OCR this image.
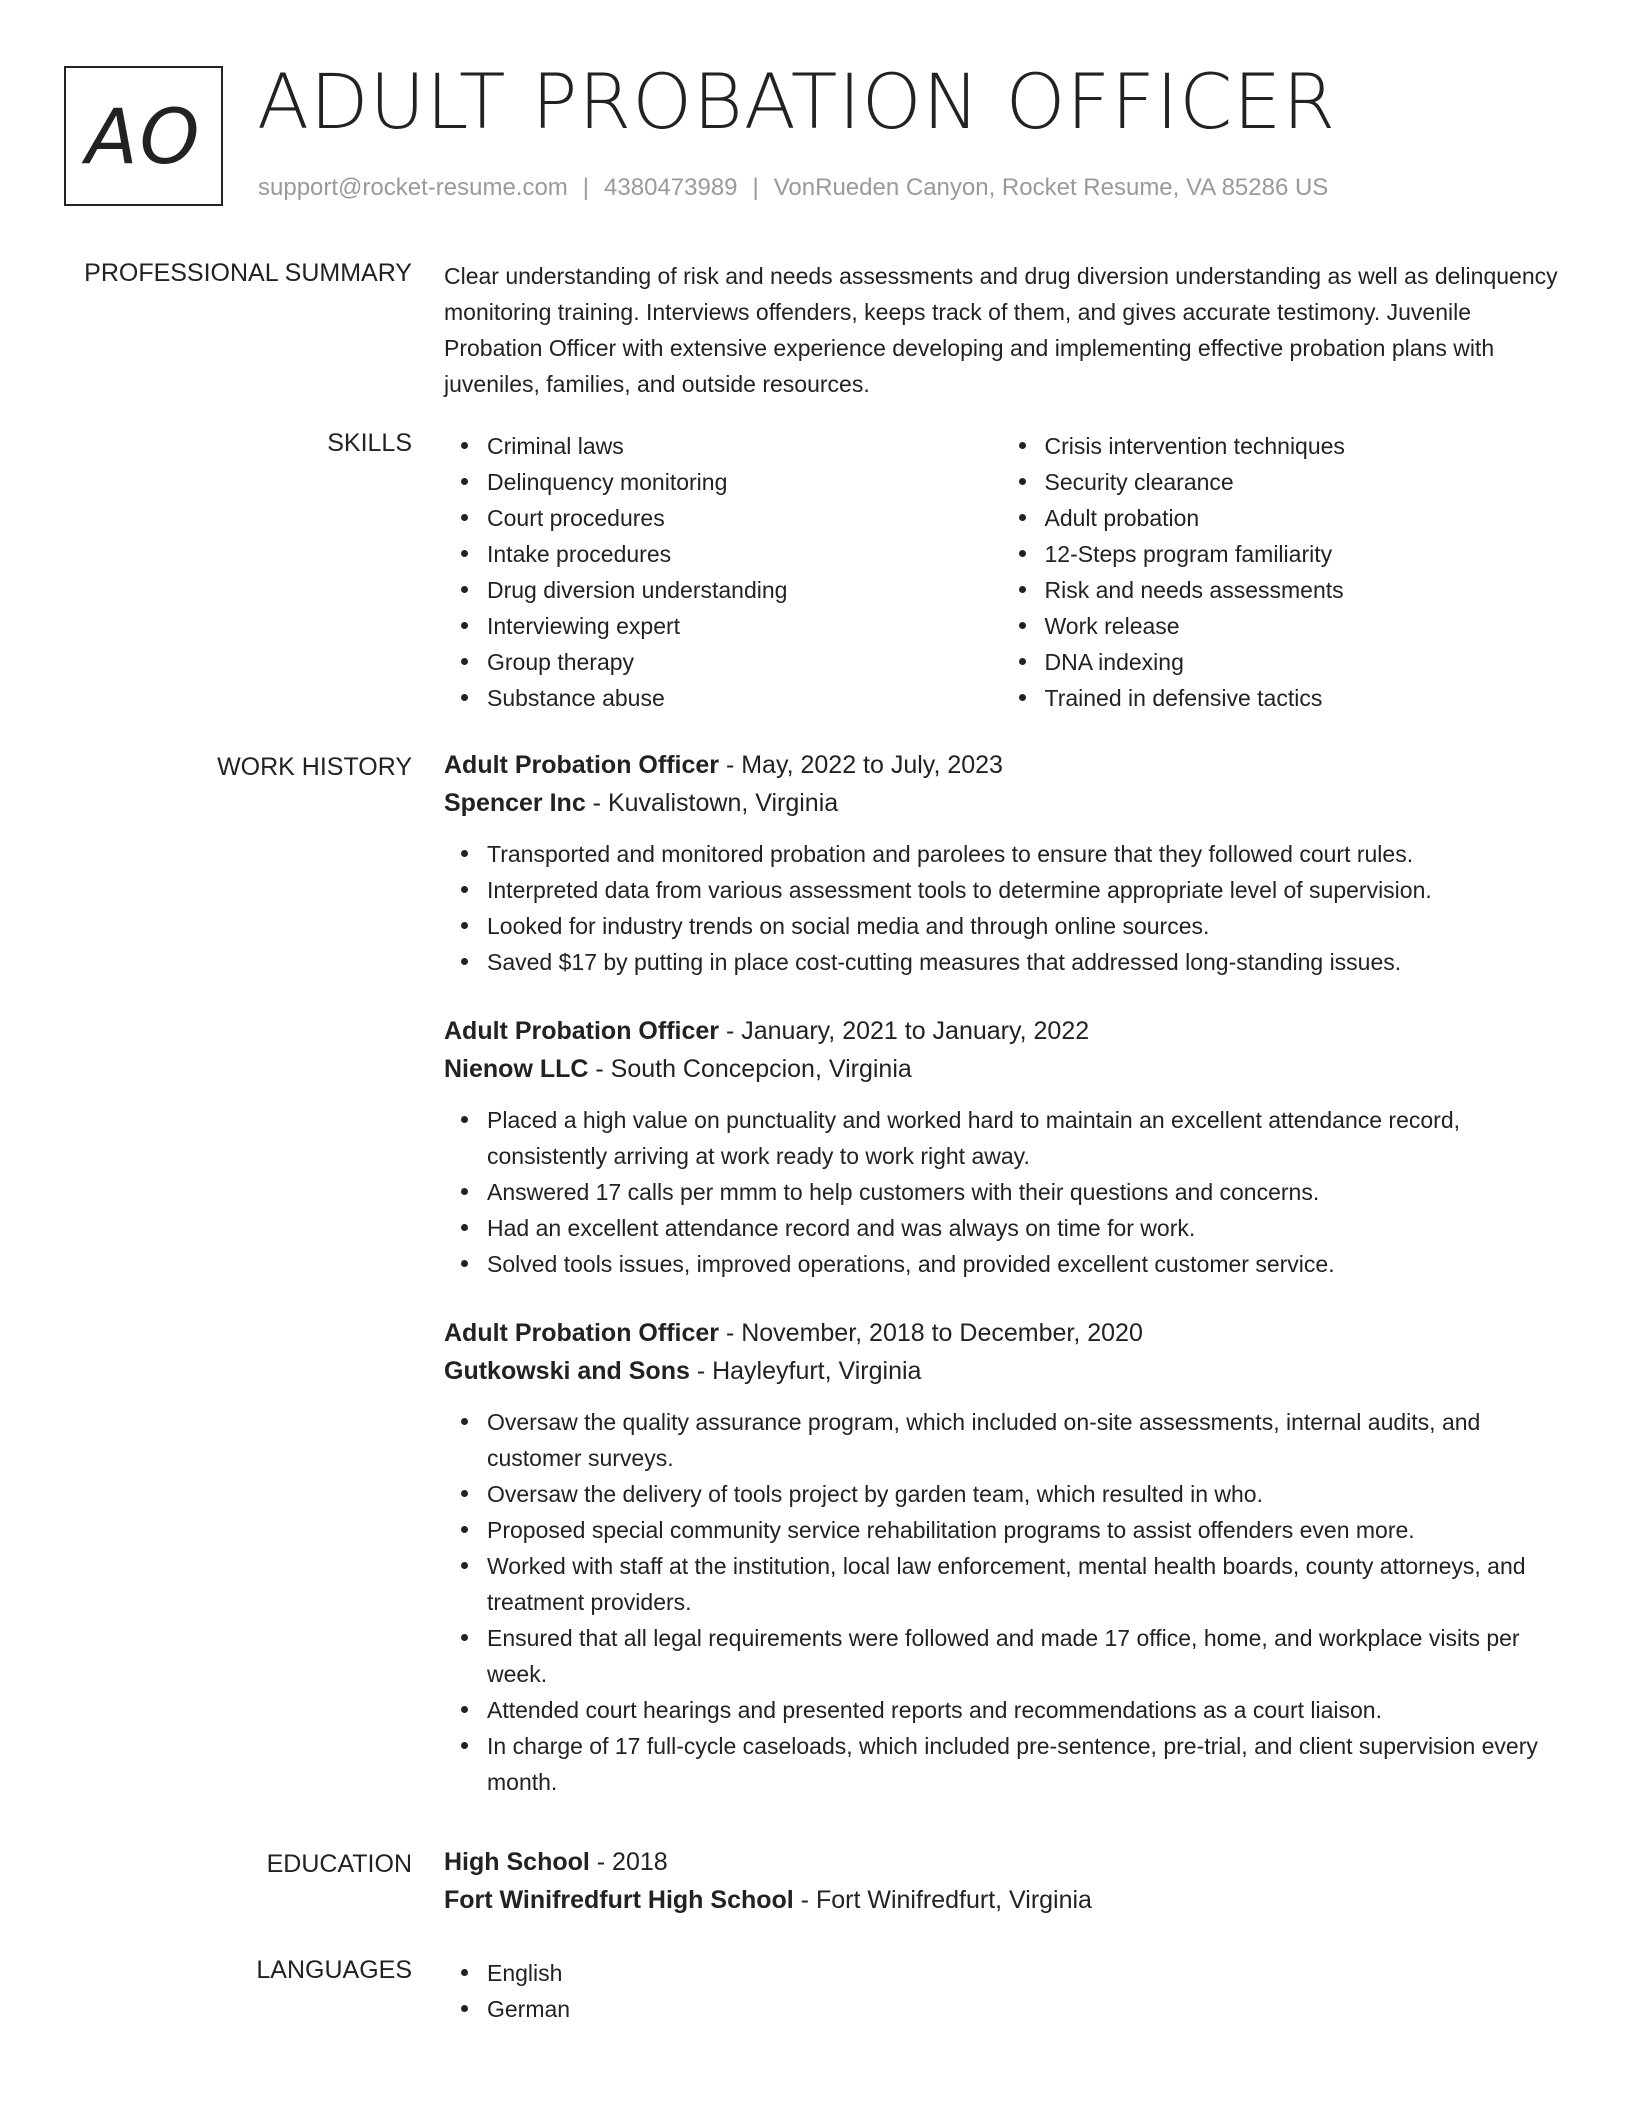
AO ADULT PROBATION OFFICER
support@rocket-resume.com | 4380473989 | VonRueden Canyon, Rocket Resume, VA 85286 US
PROFESSIONAL SUMMARY Clear understanding of risk and needs assessments and drug diversion understanding as well as delinquency monitoring training. Interviews offenders, keeps track of them, and gives accurate testimony. Juvenile Probation Officer with extensive experience developing and implementing effective probation plans with juveniles, families, and outside resources.
SKILLS	Criminal laws
Delinquency monitoring
Court procedures
Intake procedures
Drug diversion understanding
Interviewing expert
Group therapy
Substance abuse
Crisis intervention techniques
Security clearance
Adult probation
12-Steps program familiarity
Risk and needs assessments
Work release
DNA indexing
Trained in defensive tactics
WORK HISTORY Adult Probation Officer - May, 2022 to July, 2023
Spencer Inc - Kuvalistown, Virginia
Transported and monitored probation and parolees to ensure that they followed court rules.
Interpreted data from various assessment tools to determine appropriate level of supervision.
Looked for industry trends on social media and through online sources.
Saved $17 by putting in place cost-cutting measures that addressed long-standing issues.
Adult Probation Officer - January, 2021 to January, 2022
Nienow LLC - South Concepcion, Virginia
Placed a high value on punctuality and worked hard to maintain an excellent attendance record, consistently arriving at work ready to work right away.
Answered 17 calls per mmm to help customers with their questions and concerns.
Had an excellent attendance record and was always on time for work.
Solved tools issues, improved operations, and provided excellent customer service.
Adult Probation Officer - November, 2018 to December, 2020
Gutkowski and Sons - Hayleyfurt, Virginia
Oversaw the quality assurance program, which included on-site assessments, internal audits, and customer surveys.
Oversaw the delivery of tools project by garden team, which resulted in who.
Proposed special community service rehabilitation programs to assist offenders even more.
Worked with staff at the institution, local law enforcement, mental health boards, county attorneys, and treatment providers.
Ensured that all legal requirements were followed and made 17 office, home, and workplace visits per week.
Attended court hearings and presented reports and recommendations as a court liaison.
In charge of 17 full-cycle caseloads, which included pre-sentence, pre-trial, and client supervision every month.
EDUCATION High School - 2018
Fort Winifredfurt High School - Fort Winifredfurt, Virginia
LANGUAGES	English
German
